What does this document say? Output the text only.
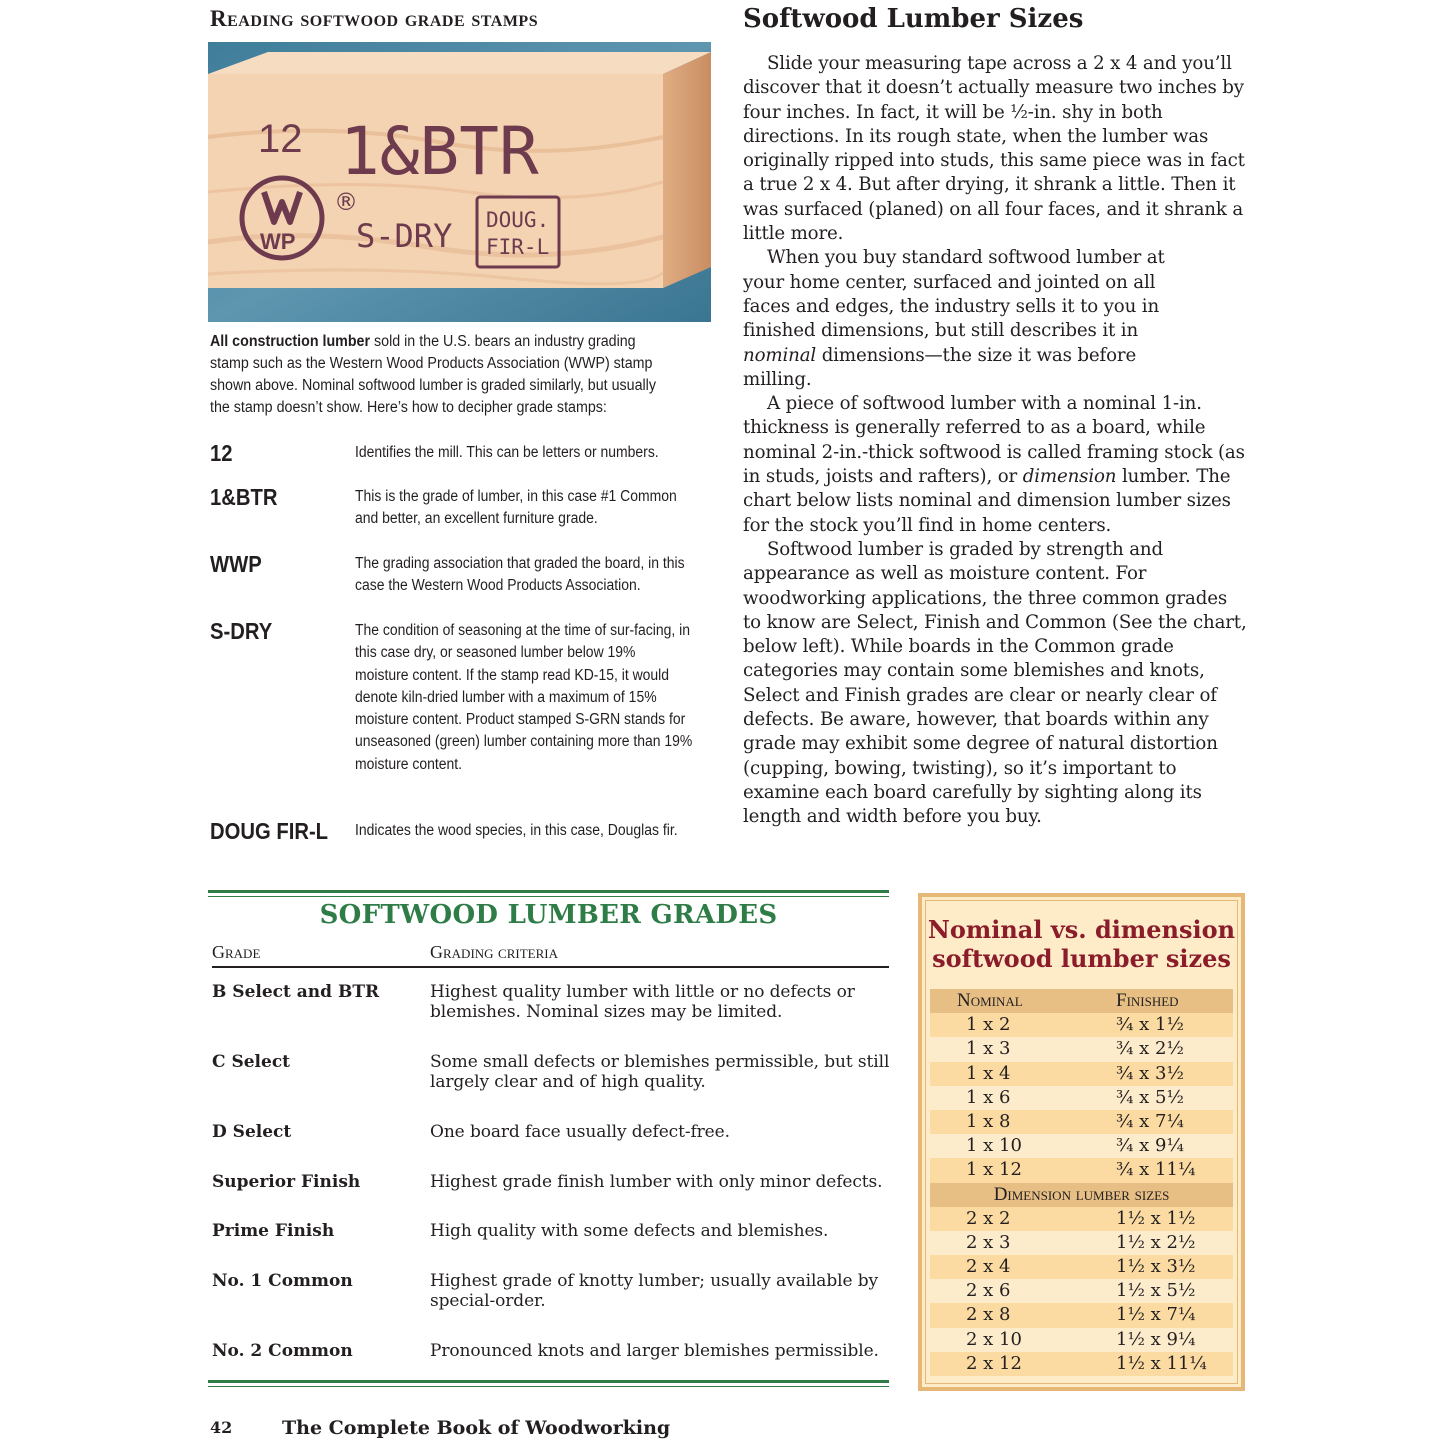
Reading softwood grade stamps
12 1&BTR
WP
®
S-DRY DOUG.
FIR-L

All construction lumber sold in the U.S. bears an industry grading stamp such as the Western Wood Products Association (WWP) stamp shown above. Nominal softwood lumber is graded similarly, but usually the stamp doesn’t show. Here’s how to decipher grade stamps:

12	Identifies the mill. This can be letters or numbers.
1&BTR	This is the grade of lumber, in this case #1 Common and better, an excellent furniture grade.
WWP	The grading association that graded the board, in this case the Western Wood Products Association.
S-DRY	The condition of seasoning at the time of sur-facing, in this case dry, or seasoned lumber below 19% moisture content. If the stamp read KD-15, it would denote kiln-dried lumber with a maximum of 15% moisture content. Product stamped S-GRN stands for unseasoned (green) lumber containing more than 19% moisture content.
DOUG FIR-L	Indicates the wood species, in this case, Douglas fir.
Softwood Lumber Sizes

Slide your measuring tape across a 2 x 4 and you’ll discover that it doesn’t actually measure two inches by four inches. In fact, it will be ½-in. shy in both directions. In its rough state, when the lumber was originally ripped into studs, this same piece was in fact a true 2 x 4. But after drying, it shrank a little. Then it was surfaced (planed) on all four faces, and it shrank a little more.

When you buy standard softwood lumber at your home center, surfaced and jointed on all faces and edges, the industry sells it to you in finished dimensions, but still describes it in nominal dimensions—the size it was before milling.

A piece of softwood lumber with a nominal 1-in. thickness is generally referred to as a board, while nominal 2-in.-thick softwood is called framing stock (as in studs, joists and rafters), or dimension lumber. The chart below lists nominal and dimension lumber sizes for the stock you’ll find in home centers.

Softwood lumber is graded by strength and appearance as well as moisture content. For woodworking applications, the three common grades to know are Select, Finish and Common (See the chart, below left). While boards in the Common grade categories may contain some blemishes and knots, Select and Finish grades are clear or nearly clear of defects. Be aware, however, that boards within any grade may exhibit some degree of natural distortion (cupping, bowing, twisting), so it’s important to examine each board carefully by sighting along its length and width before you buy.

SOFTWOOD LUMBER GRADES
Grade	Grading criteria
B Select and BTR	Highest quality lumber with little or no defects or blemishes. Nominal sizes may be limited.
C Select	Some small defects or blemishes permissible, but still largely clear and of high quality.
D Select	One board face usually defect-free.
Superior Finish	Highest grade finish lumber with only minor defects.
Prime Finish	High quality with some defects and blemishes.
No. 1 Common	Highest grade of knotty lumber; usually available by special-order.
No. 2 Common	Pronounced knots and larger blemishes permissible.
Nominal vs. dimension
softwood lumber sizes
Nominal	Finished
1 x 2	¾ x 1½
1 x 3	¾ x 2½
1 x 4	¾ x 3½
1 x 6	¾ x 5½
1 x 8	¾ x 7¼
1 x 10	¾ x 9¼
1 x 12	¾ x 11¼
Dimension lumber sizes
2 x 2	1½ x 1½
2 x 3	1½ x 2½
2 x 4	1½ x 3½
2 x 6	1½ x 5½
2 x 8	1½ x 7¼
2 x 10	1½ x 9¼
2 x 12	1½ x 11¼
42	The Complete Book of Woodworking
